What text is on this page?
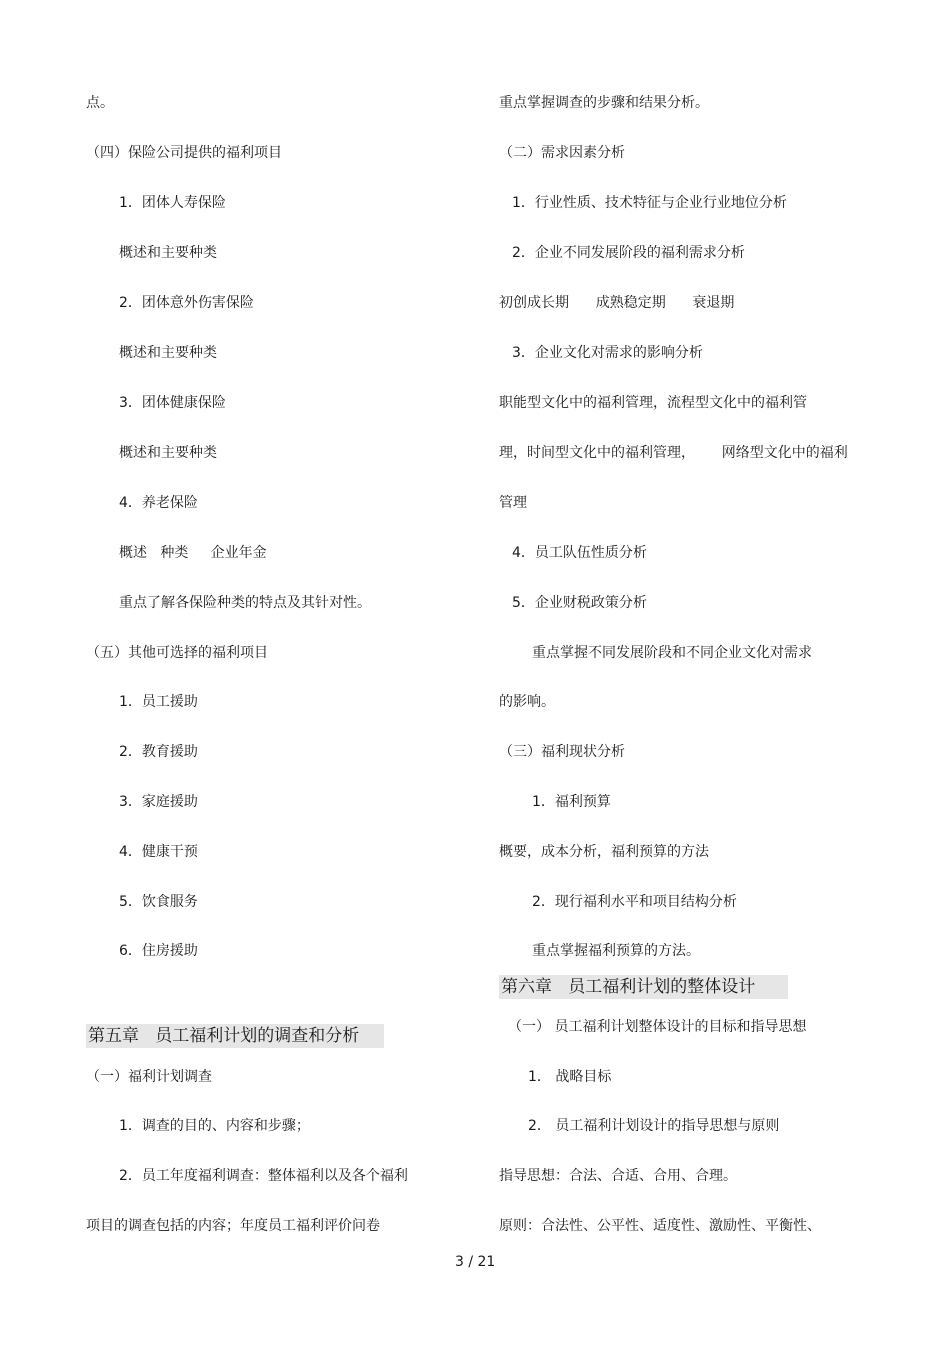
点。

（四）保险公司提供的福利项目

1．团体人寿保险

概述和主要种类

2．团体意外伤害保险

概述和主要种类

3．团体健康保险

概述和主要种类

4．养老保险

概述   种类     企业年金

重点了解各保险种类的特点及其针对性。

（五）其他可选择的福利项目

1．员工援助

2．教育援助

3．家庭援助

4．健康干预

5．饮食服务

6．住房援助

第五章   员工福利计划的调查和分析

（一）福利计划调查

1．调查的目的、内容和步骤；

2．员工年度福利调查：整体福利以及各个福利

项目的调查包括的内容；年度员工福利评价问卷

重点掌握调查的步骤和结果分析。

（二）需求因素分析

1．行业性质、技术特征与企业行业地位分析

2．企业不同发展阶段的福利需求分析

初创成长期      成熟稳定期      衰退期

3．企业文化对需求的影响分析

职能型文化中的福利管理，流程型文化中的福利管

理，时间型文化中的福利管理，      网络型文化中的福利

管理

4．员工队伍性质分析

5．企业财税政策分析

重点掌握不同发展阶段和不同企业文化对需求

的影响。

（三）福利现状分析

1．福利预算

概要，成本分析，福利预算的方法

2．现行福利水平和项目结构分析

重点掌握福利预算的方法。

第六章   员工福利计划的整体设计

（一） 员工福利计划整体设计的目标和指导思想

1． 战略目标

2． 员工福利计划设计的指导思想与原则

指导思想：合法、合适、合用、合理。

原则：合法性、公平性、适度性、激励性、平衡性、

3 / 21
